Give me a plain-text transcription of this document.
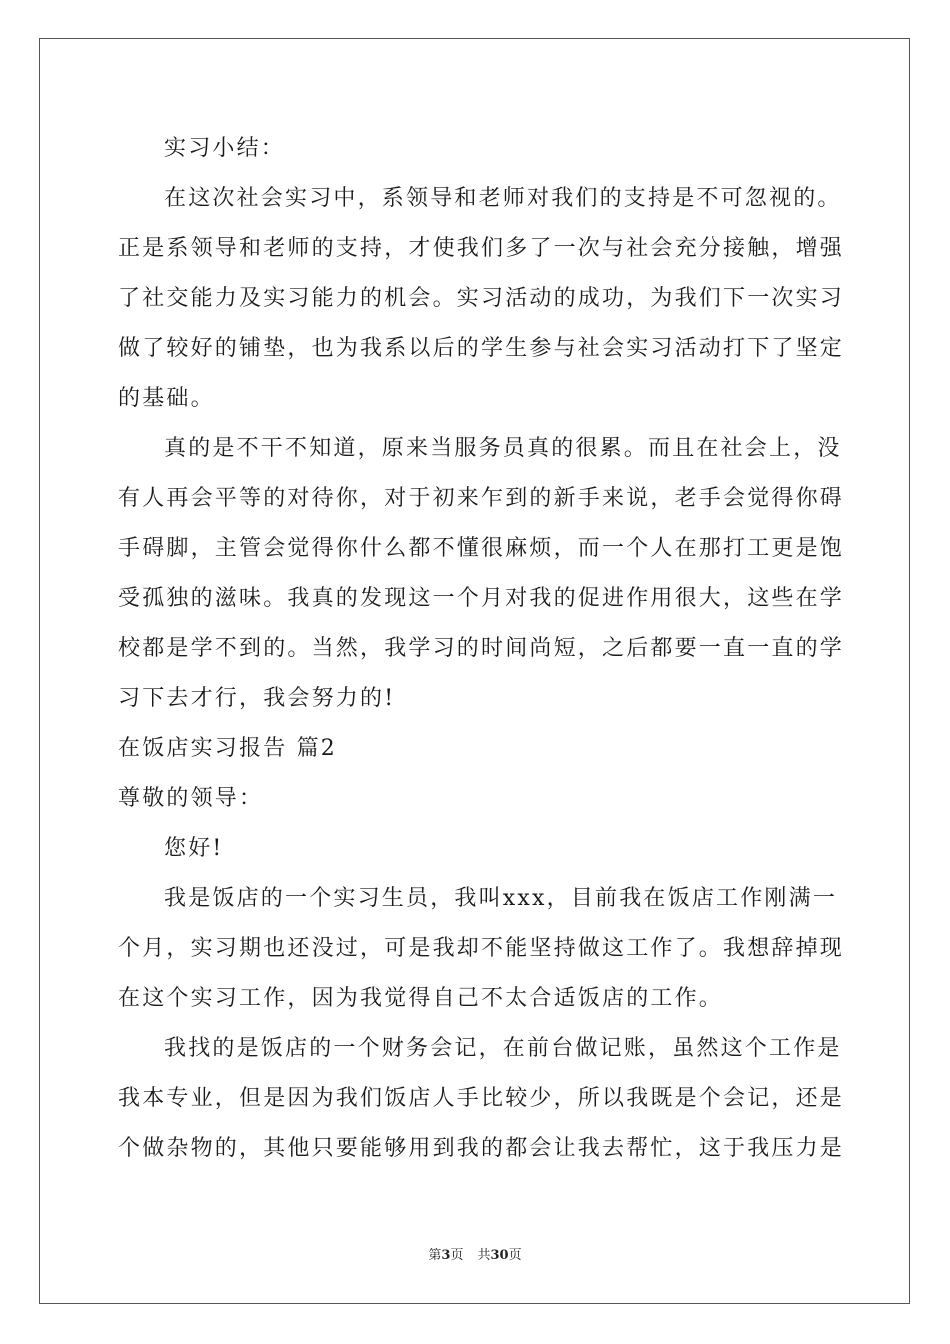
实习小结：
在这次社会实习中，系领导和老师对我们的支持是不可忽视的。
正是系领导和老师的支持，才使我们多了一次与社会充分接触，增强
了社交能力及实习能力的机会。实习活动的成功，为我们下一次实习
做了较好的铺垫，也为我系以后的学生参与社会实习活动打下了坚定
的基础。
真的是不干不知道，原来当服务员真的很累。而且在社会上，没
有人再会平等的对待你，对于初来乍到的新手来说，老手会觉得你碍
手碍脚，主管会觉得你什么都不懂很麻烦，而一个人在那打工更是饱
受孤独的滋味。我真的发现这一个月对我的促进作用很大，这些在学
校都是学不到的。当然，我学习的时间尚短，之后都要一直一直的学
习下去才行，我会努力的!
在饭店实习报告 篇2
尊敬的领导：
您好!
我是饭店的一个实习生员，我叫xxx，目前我在饭店工作刚满一
个月，实习期也还没过，可是我却不能坚持做这工作了。我想辞掉现
在这个实习工作，因为我觉得自己不太合适饭店的工作。
我找的是饭店的一个财务会记，在前台做记账，虽然这个工作是
我本专业，但是因为我们饭店人手比较少，所以我既是个会记，还是
个做杂物的，其他只要能够用到我的都会让我去帮忙，这于我压力是
第3页 共30页
